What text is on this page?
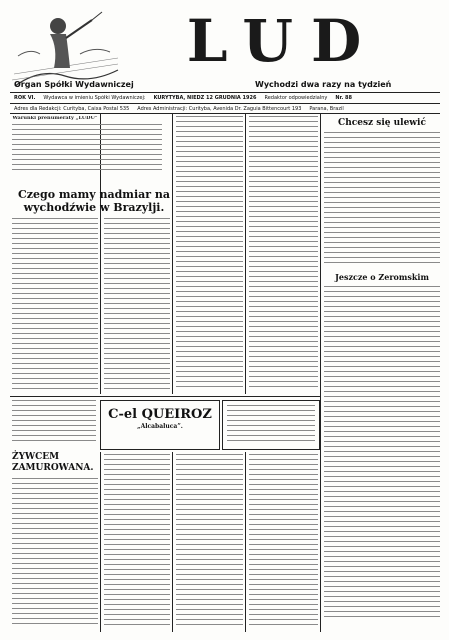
LUD
Organ Spółki Wydawniczej	Wychodzi dwa razy na tydzień
ROK VI.	Wydawca w imieniu Spółki Wydawniczej:	KURYTYBA, NIEDZ 12 GRUDNIA 1926	Redaktor odpowiedzialny	Nr. 88
Adres dla Redakcji: Curityba, Caixa Postal 535	Adres Administracji: Curityba, Avenida Dr. Zaguia Bittencourt 193	Parana, Brazil
Warunki prenumeraty „LUDU”
Czego mamy nadmiar na wychodźwie w Brazylji.
Chcesz się ulewić
Jeszcze o Zeromskim
C-el QUEIROZ
„Alcabaluca”.
ŻYWCEM ZAMUROWANA.
